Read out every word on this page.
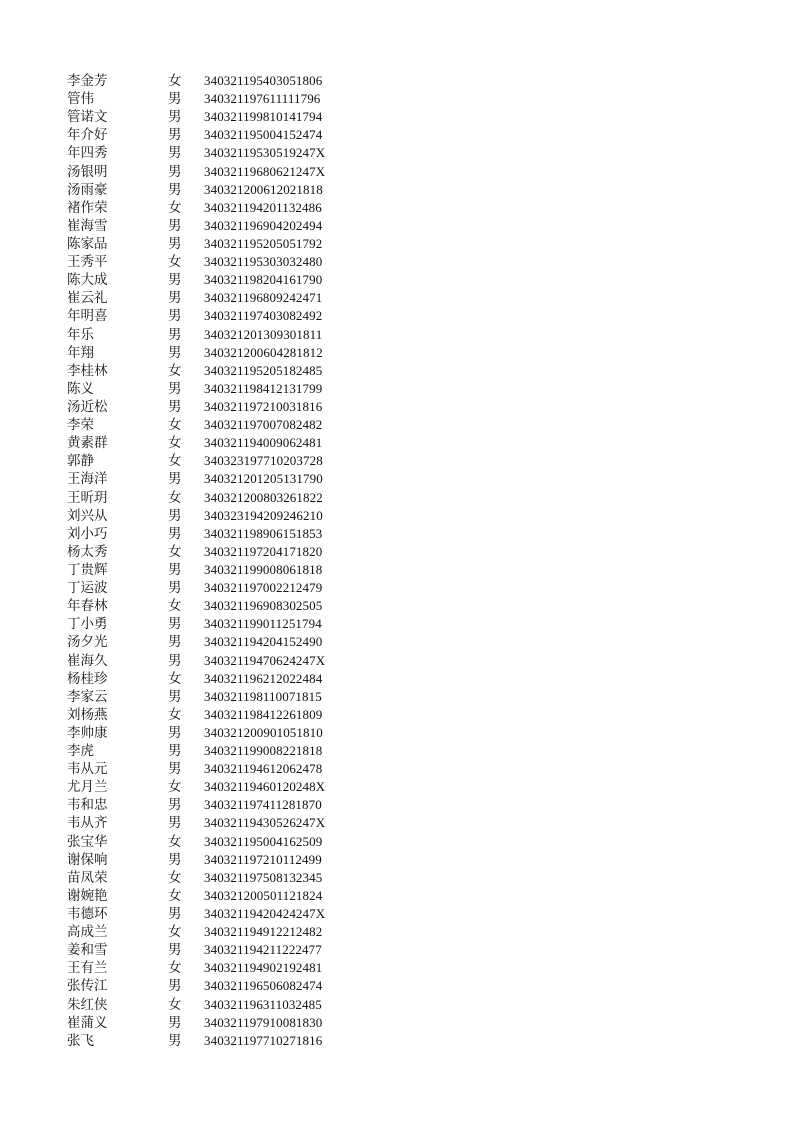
李金芳	女	340321195403051806
管伟	男	340321197611111796
管诺文	男	340321199810141794
年介好	男	340321195004152474
年四秀	男	34032119530519247X
汤银明	男	34032119680621247X
汤雨豪	男	340321200612021818
褚作荣	女	340321194201132486
崔海雪	男	340321196904202494
陈家品	男	340321195205051792
王秀平	女	340321195303032480
陈大成	男	340321198204161790
崔云礼	男	340321196809242471
年明喜	男	340321197403082492
年乐	男	340321201309301811
年翔	男	340321200604281812
李桂林	女	340321195205182485
陈义	男	340321198412131799
汤近松	男	340321197210031816
李荣	女	340321197007082482
黄素群	女	340321194009062481
郭静	女	340323197710203728
王海洋	男	340321201205131790
王昕玥	女	340321200803261822
刘兴从	男	340323194209246210
刘小巧	男	340321198906151853
杨太秀	女	340321197204171820
丁贵辉	男	340321199008061818
丁运波	男	340321197002212479
年春林	女	340321196908302505
丁小勇	男	340321199011251794
汤夕光	男	340321194204152490
崔海久	男	34032119470624247X
杨桂珍	女	340321196212022484
李家云	男	340321198110071815
刘杨燕	女	340321198412261809
李帅康	男	340321200901051810
李虎	男	340321199008221818
韦从元	男	340321194612062478
尤月兰	女	34032119460120248X
韦和忠	男	340321197411281870
韦从齐	男	34032119430526247X
张宝华	女	340321195004162509
谢保响	男	340321197210112499
苗凤荣	女	340321197508132345
谢婉艳	女	340321200501121824
韦德环	男	34032119420424247X
高成兰	女	340321194912212482
姜和雪	男	340321194211222477
王有兰	女	340321194902192481
张传江	男	340321196506082474
朱红侠	女	340321196311032485
崔蒲义	男	340321197910081830
张飞	男	340321197710271816
